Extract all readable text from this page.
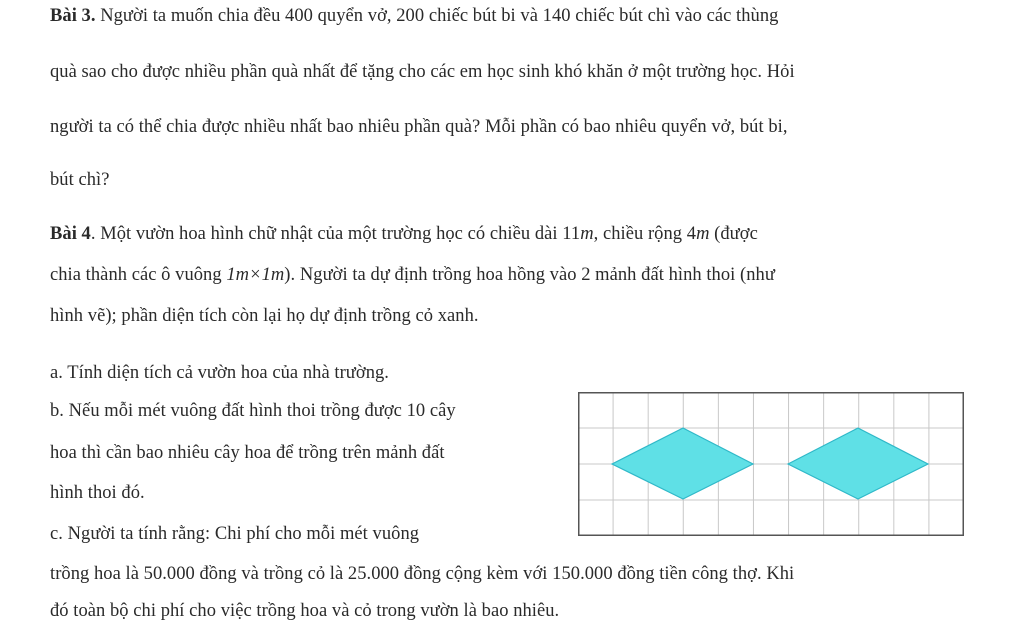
Bài 3. Người ta muốn chia đều 400 quyển vở, 200 chiếc bút bi và 140 chiếc bút chì vào các thùng
quà sao cho được nhiều phần quà nhất để tặng cho các em học sinh khó khăn ở một trường học. Hỏi
người ta có thể chia được nhiều nhất bao nhiêu phần quà? Mỗi phần có bao nhiêu quyển vở, bút bi,
bút chì?
Bài 4. Một vườn hoa hình chữ nhật của một trường học có chiều dài 11m, chiều rộng 4m (được
chia thành các ô vuông 1m×1m). Người ta dự định trồng hoa hồng vào 2 mảnh đất hình thoi (như
hình vẽ); phần diện tích còn lại họ dự định trồng cỏ xanh.
a. Tính diện tích cả vườn hoa của nhà trường.
b. Nếu mỗi mét vuông đất hình thoi trồng được 10 cây
hoa thì cần bao nhiêu cây hoa để trồng trên mảnh đất
hình thoi đó.
c. Người ta tính rằng: Chi phí cho mỗi mét vuông
trồng hoa là 50.000 đồng và trồng cỏ là 25.000 đồng cộng kèm với 150.000 đồng tiền công thợ. Khi
đó toàn bộ chi phí cho việc trồng hoa và cỏ trong vườn là bao nhiêu.
